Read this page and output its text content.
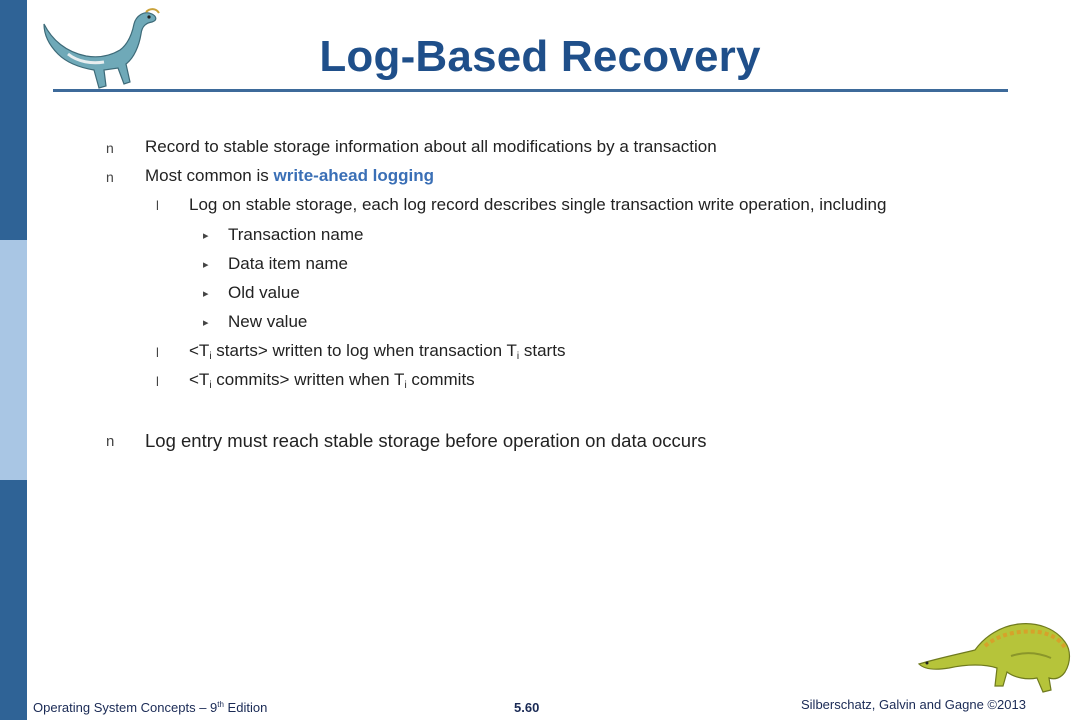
Log-Based Recovery
n Record to stable storage information about all modifications by a transaction
n Most common is write-ahead logging
l Log on stable storage, each log record describes single transaction write operation, including
▸ Transaction name
▸ Data item name
▸ Old value
▸ New value
$l <T_i$ starts> written to log when transaction $T_i$ starts
$l <T_i$ commits> written when $T_i$ commits
n Log entry must reach stable storage before operation on data occurs
Operating System Concepts – 9th Edition	5.60	Silberschatz, Galvin and Gagne ©2013
